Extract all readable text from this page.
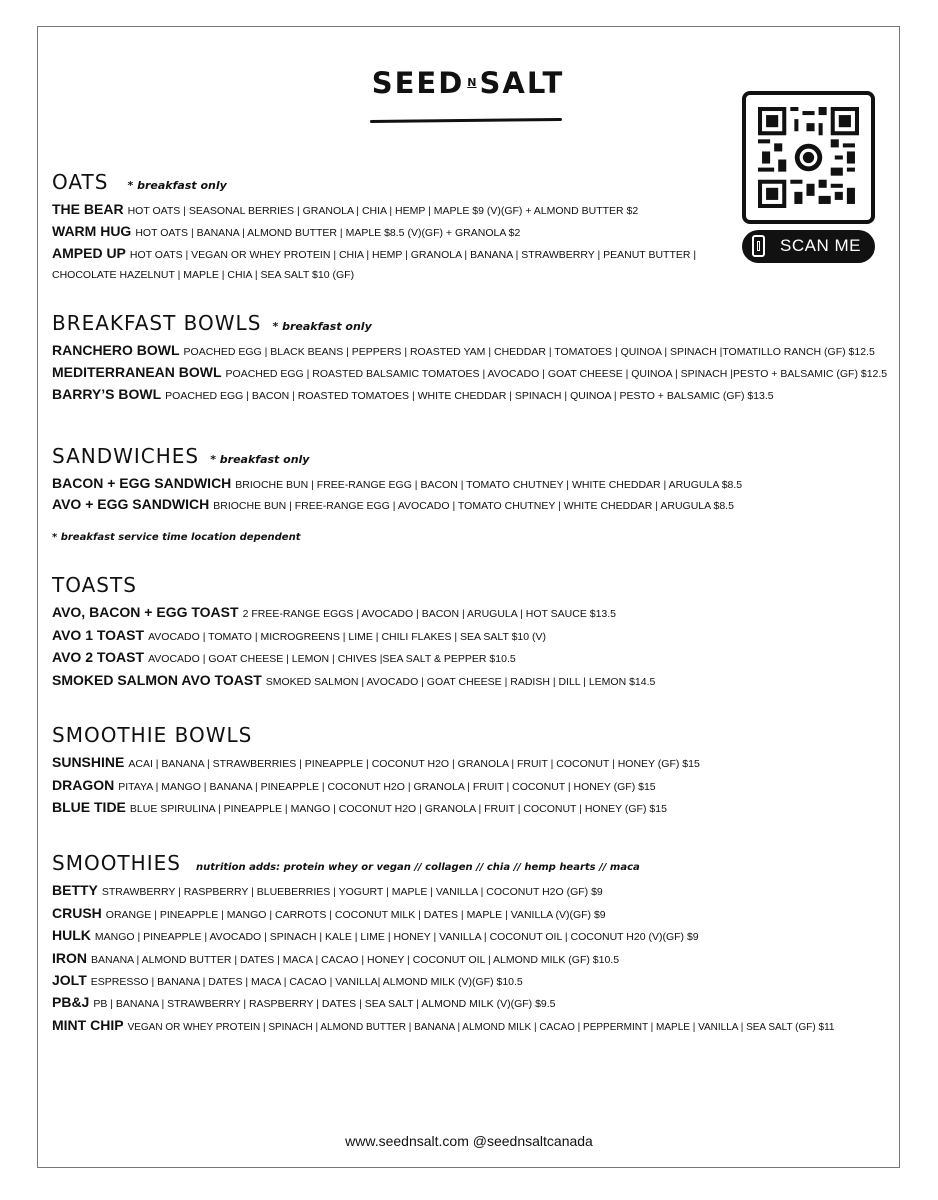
SEED N SALT
SCAN ME
OATS * breakfast only
THE BEAR HOT OATS | SEASONAL BERRIES | GRANOLA | CHIA | HEMP | MAPLE $9 (V)(GF) + ALMOND BUTTER $2
WARM HUG HOT OATS | BANANA | ALMOND BUTTER | MAPLE $8.5 (V)(GF) + GRANOLA $2
AMPED UP HOT OATS | VEGAN OR WHEY PROTEIN | CHIA | HEMP | GRANOLA | BANANA | STRAWBERRY | PEANUT BUTTER |
CHOCOLATE HAZELNUT | MAPLE | CHIA | SEA SALT $10 (GF)
BREAKFAST BOWLS * breakfast only
RANCHERO BOWL POACHED EGG | BLACK BEANS | PEPPERS | ROASTED YAM | CHEDDAR | TOMATOES | QUINOA | SPINACH |TOMATILLO RANCH (GF) $12.5
MEDITERRANEAN BOWL POACHED EGG | ROASTED BALSAMIC TOMATOES | AVOCADO | GOAT CHEESE | QUINOA | SPINACH |PESTO + BALSAMIC (GF) $12.5
BARRY’S BOWL POACHED EGG | BACON | ROASTED TOMATOES | WHITE CHEDDAR | SPINACH | QUINOA | PESTO + BALSAMIC (GF) $13.5
SANDWICHES * breakfast only
BACON + EGG SANDWICH BRIOCHE BUN | FREE-RANGE EGG | BACON | TOMATO CHUTNEY | WHITE CHEDDAR | ARUGULA $8.5
AVO + EGG SANDWICH BRIOCHE BUN | FREE-RANGE EGG | AVOCADO | TOMATO CHUTNEY | WHITE CHEDDAR | ARUGULA $8.5
* breakfast service time location dependent
TOASTS
AVO, BACON + EGG TOAST 2 FREE-RANGE EGGS | AVOCADO | BACON | ARUGULA | HOT SAUCE $13.5
AVO 1 TOAST AVOCADO | TOMATO | MICROGREENS | LIME | CHILI FLAKES | SEA SALT $10 (V)
AVO 2 TOAST AVOCADO | GOAT CHEESE | LEMON | CHIVES |SEA SALT & PEPPER $10.5
SMOKED SALMON AVO TOAST SMOKED SALMON | AVOCADO | GOAT CHEESE | RADISH | DILL | LEMON $14.5
SMOOTHIE BOWLS
SUNSHINE ACAI | BANANA | STRAWBERRIES | PINEAPPLE | COCONUT H2O | GRANOLA | FRUIT | COCONUT | HONEY (GF) $15
DRAGON PITAYA | MANGO | BANANA | PINEAPPLE | COCONUT H2O | GRANOLA | FRUIT | COCONUT | HONEY (GF) $15
BLUE TIDE BLUE SPIRULINA | PINEAPPLE | MANGO | COCONUT H2O | GRANOLA | FRUIT | COCONUT | HONEY (GF) $15
SMOOTHIES nutrition adds: protein whey or vegan // collagen // chia // hemp hearts // maca
BETTY STRAWBERRY | RASPBERRY | BLUEBERRIES | YOGURT | MAPLE | VANILLA | COCONUT H2O (GF) $9
CRUSH ORANGE | PINEAPPLE | MANGO | CARROTS | COCONUT MILK | DATES | MAPLE | VANILLA (V)(GF) $9
HULK MANGO | PINEAPPLE | AVOCADO | SPINACH | KALE | LIME | HONEY | VANILLA | COCONUT OIL | COCONUT H20 (V)(GF) $9
IRON BANANA | ALMOND BUTTER | DATES | MACA | CACAO | HONEY | COCONUT OIL | ALMOND MILK (GF) $10.5
JOLT ESPRESSO | BANANA | DATES | MACA | CACAO | VANILLA| ALMOND MILK (V)(GF) $10.5
PB&J PB | BANANA | STRAWBERRY | RASPBERRY | DATES | SEA SALT | ALMOND MILK (V)(GF) $9.5
MINT CHIP VEGAN OR WHEY PROTEIN | SPINACH | ALMOND BUTTER | BANANA | ALMOND MILK | CACAO | PEPPERMINT | MAPLE | VANILLA | SEA SALT (GF) $11
www.seednsalt.com @seednsaltcanada
